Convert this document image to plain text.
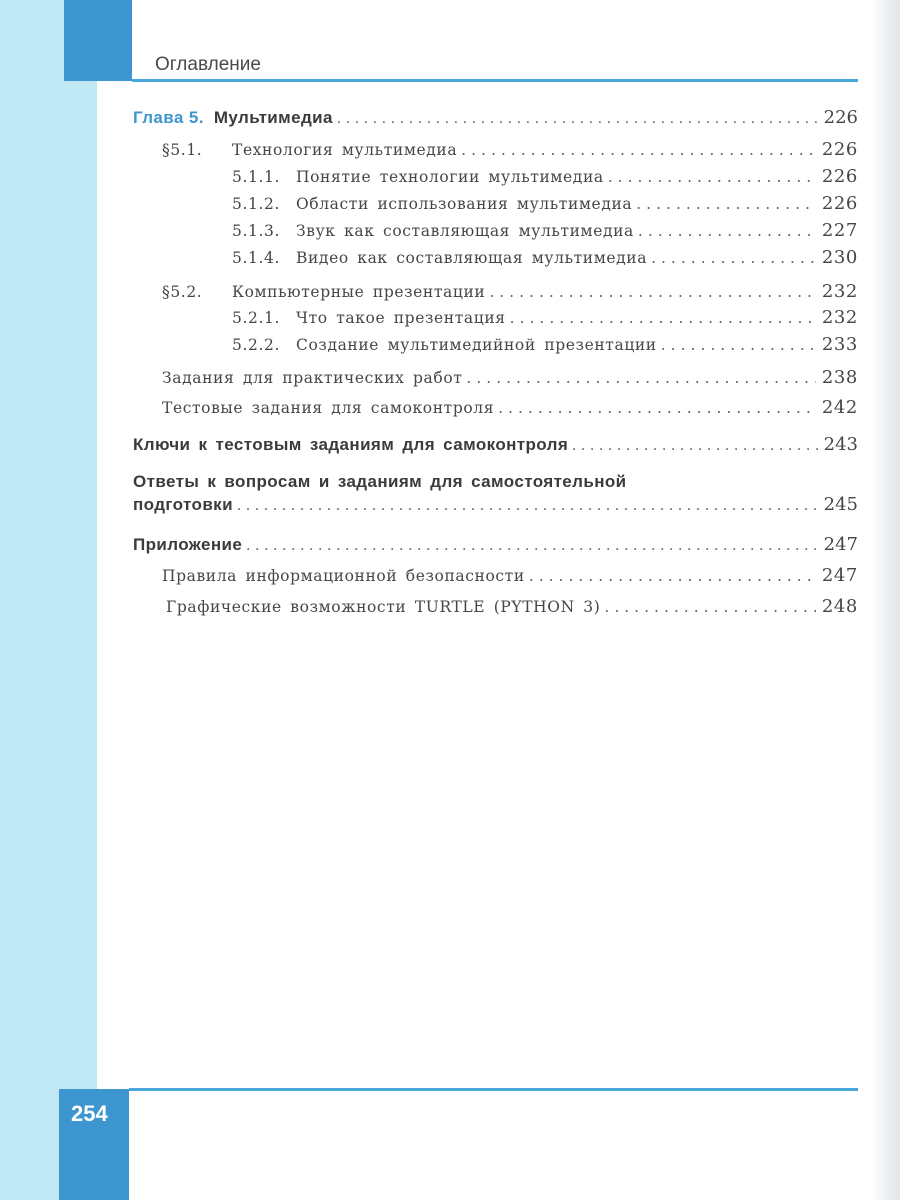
Оглавление
Глава 5. Мультимедиа .....	226
§5.1. Технология мультимедиа .....	226
5.1.1. Понятие технологии мультимедиа .....	226
5.1.2. Области использования мультимедиа .....	226
5.1.3. Звук как составляющая мультимедиа .....	227
5.1.4. Видео как составляющая мультимедиа .....	230
§5.2. Компьютерные презентации .....	232
5.2.1. Что такое презентация .....	232
5.2.2. Создание мультимедийной презентации .....	233
Задания для практических работ .....	238
Тестовые задания для самоконтроля .....	242
Ключи к тестовым заданиям для самоконтроля .....	243
Ответы к вопросам и заданиям для самостоятельной
подготовки .....	245
Приложение .....	247
Правила информационной безопасности .....	247
Графические возможности TURTLE (PYTHON 3) .....	248
254
